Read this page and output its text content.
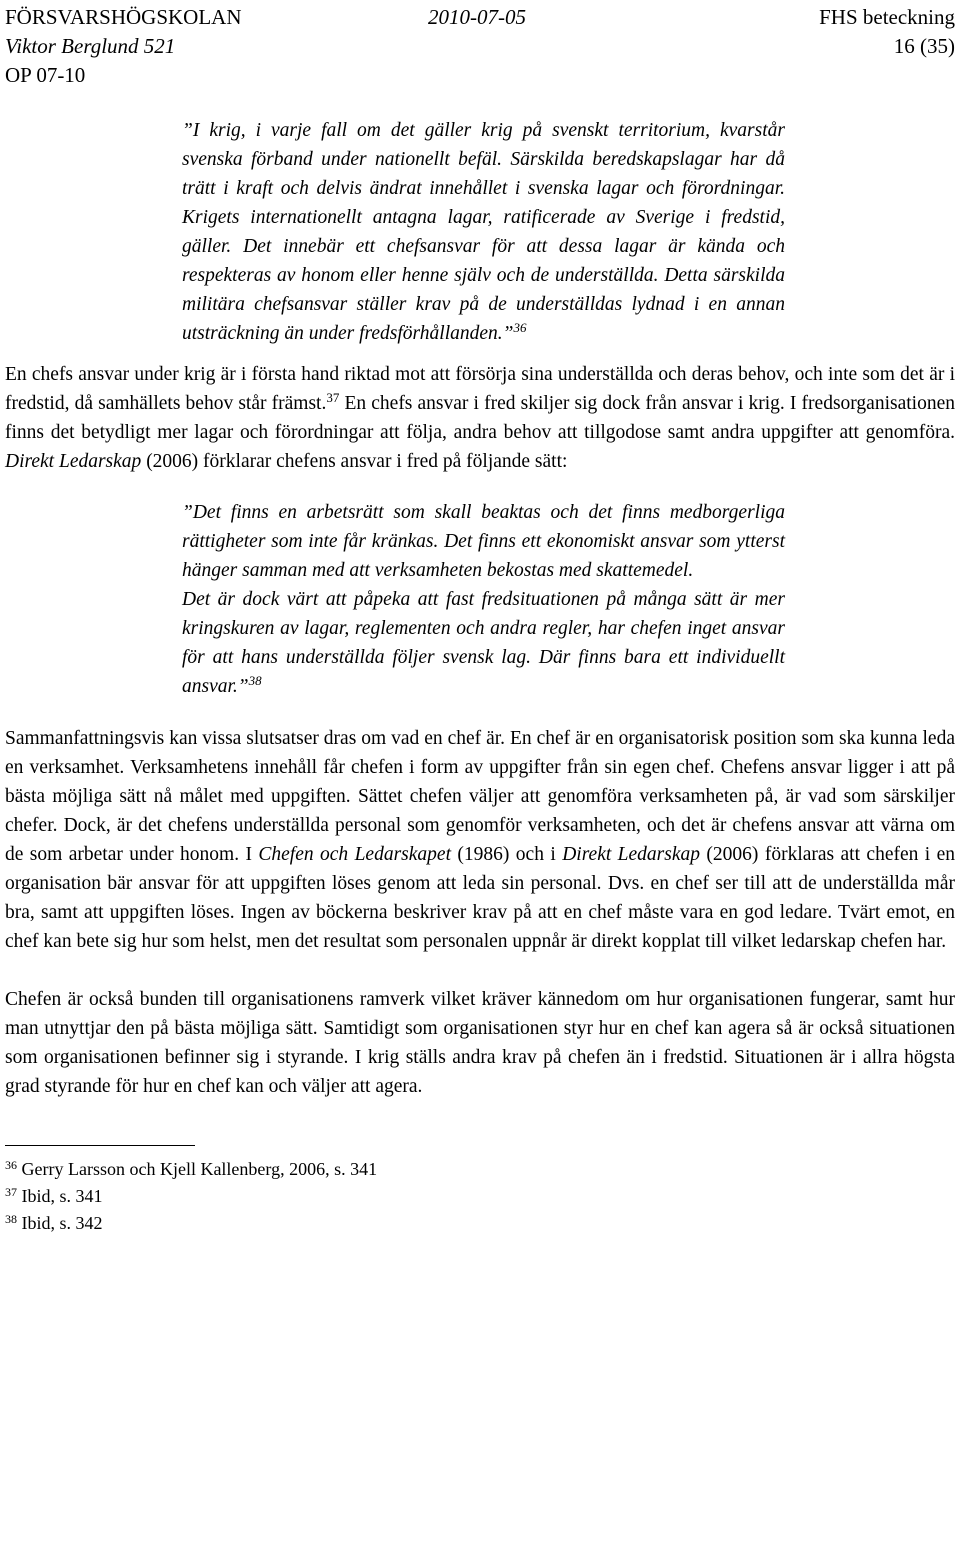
FÖRSVARSHÖGSKOLAN	2010-07-05	FHS beteckning
Viktor Berglund 521	16 (35)
OP 07-10

”I krig, i varje fall om det gäller krig på svenskt territorium, kvarstår svenska förband under nationellt befäl. Särskilda beredskapslagar har då trätt i kraft och delvis ändrat innehållet i svenska lagar och förordningar. Krigets internationellt antagna lagar, ratificerade av Sverige i fredstid, gäller. Det innebär ett chefsansvar för att dessa lagar är kända och respekteras av honom eller henne själv och de underställda. Detta särskilda militära chefsansvar ställer krav på de underställdas lydnad i en annan utsträckning än under fredsförhållanden.”$^{36}$

En chefs ansvar under krig är i första hand riktad mot att försörja sina underställda och deras behov, och inte som det är i fredstid, då samhällets behov står främst.$^{37}$ En chefs ansvar i fred skiljer sig dock från ansvar i krig. I fredsorganisationen finns det betydligt mer lagar och förordningar att följa, andra behov att tillgodose samt andra uppgifter att genomföra. Direkt Ledarskap (2006) förklarar chefens ansvar i fred på följande sätt:

”Det finns en arbetsrätt som skall beaktas och det finns medborgerliga rättigheter som inte får kränkas. Det finns ett ekonomiskt ansvar som ytterst hänger samman med att verksamheten bekostas med skattemedel.

Det är dock värt att påpeka att fast fredsituationen på många sätt är mer kringskuren av lagar, reglementen och andra regler, har chefen inget ansvar för att hans underställda följer svensk lag. Där finns bara ett individuellt ansvar.”$^{38}$

Sammanfattningsvis kan vissa slutsatser dras om vad en chef är. En chef är en organisatorisk position som ska kunna leda en verksamhet. Verksamhetens innehåll får chefen i form av uppgifter från sin egen chef. Chefens ansvar ligger i att på bästa möjliga sätt nå målet med uppgiften. Sättet chefen väljer att genomföra verksamheten på, är vad som särskiljer chefer. Dock, är det chefens underställda personal som genomför verksamheten, och det är chefens ansvar att värna om de som arbetar under honom. I Chefen och Ledarskapet (1986) och i Direkt Ledarskap (2006) förklaras att chefen i en organisation bär ansvar för att uppgiften löses genom att leda sin personal. Dvs. en chef ser till att de underställda mår bra, samt att uppgiften löses. Ingen av böckerna beskriver krav på att en chef måste vara en god ledare. Tvärt emot, en chef kan bete sig hur som helst, men det resultat som personalen uppnår är direkt kopplat till vilket ledarskap chefen har.

Chefen är också bunden till organisationens ramverk vilket kräver kännedom om hur organisationen fungerar, samt hur man utnyttjar den på bästa möjliga sätt. Samtidigt som organisationen styr hur en chef kan agera så är också situationen som organisationen befinner sig i styrande. I krig ställs andra krav på chefen än i fredstid. Situationen är i allra högsta grad styrande för hur en chef kan och väljer att agera.

$^{36}$ Gerry Larsson och Kjell Kallenberg, 2006, s. 341
$^{37}$ Ibid, s. 341
$^{38}$ Ibid, s. 342
